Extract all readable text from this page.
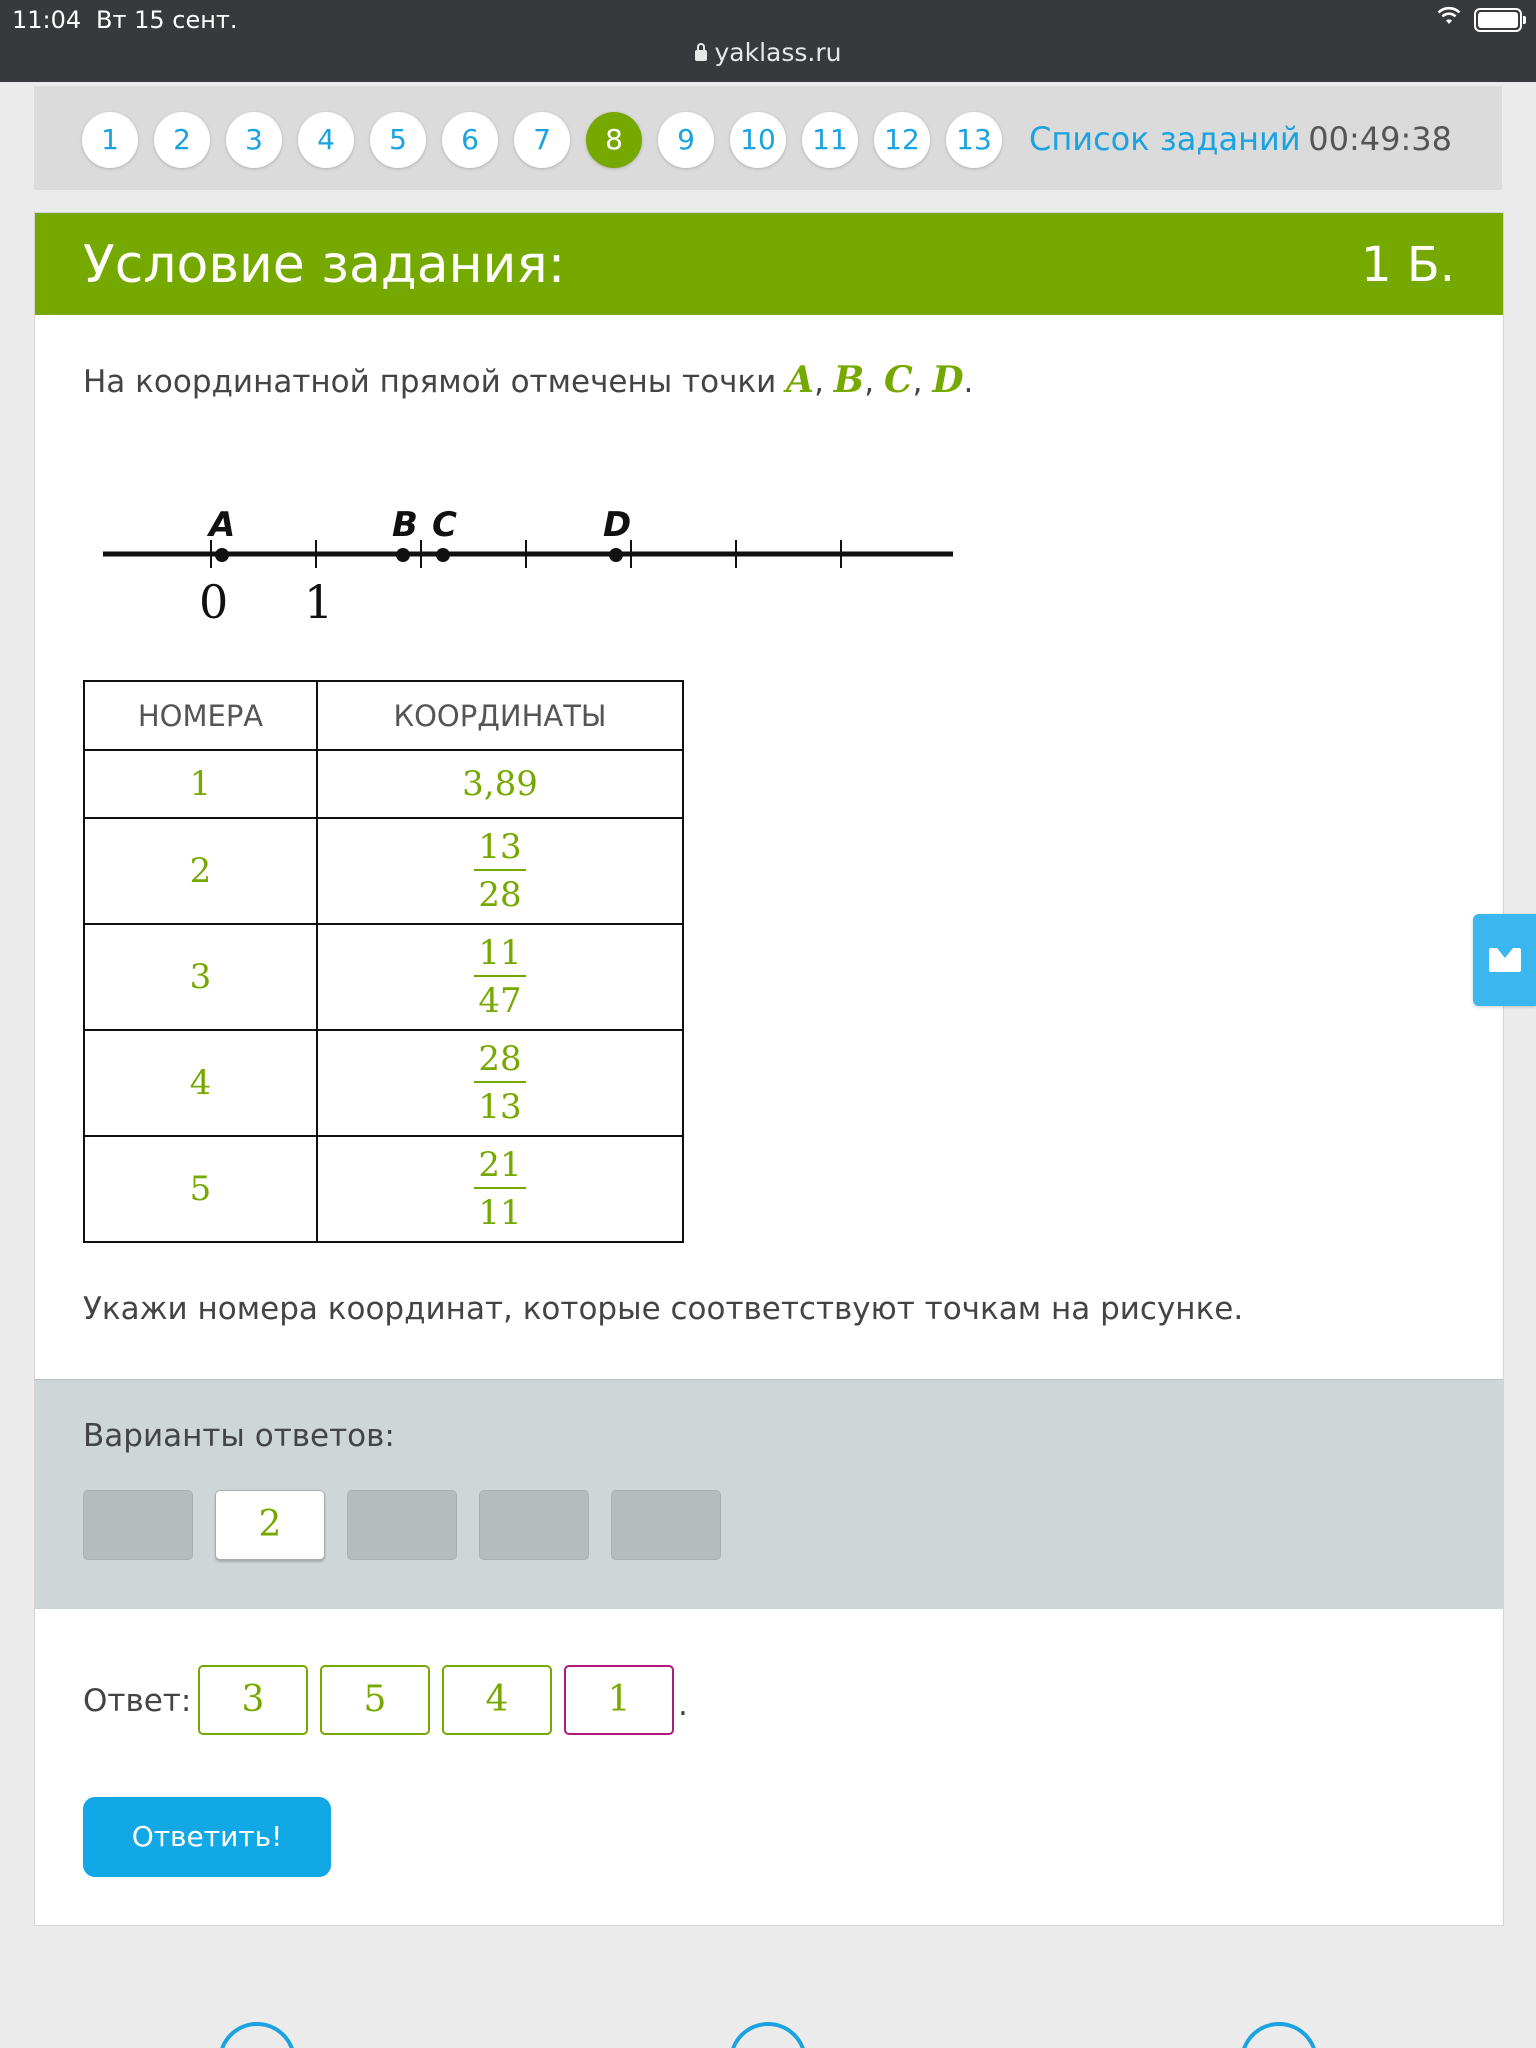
11:04 Вт 15 сент.
yaklass.ru
1	2	3	4	5	6	7	8	9	10	11	12	13	Список заданий 00:49:38
Условие задания:	1 Б.
На координатной прямой отмечены точки A, B, C, D.
A	B C	D
0 1
НОМЕРА	КООРДИНАТЫ
1	3,89
2	$\frac{13}{28}$

3	$\frac{11}{47}$

4	$\frac{28}{13}$

5	$\frac{21}{11}$
Укажи номера координат, которые соответствуют точкам на рисунке.
Варианты ответов:
2
Ответ:	3	5	4	1	.
Ответить!
